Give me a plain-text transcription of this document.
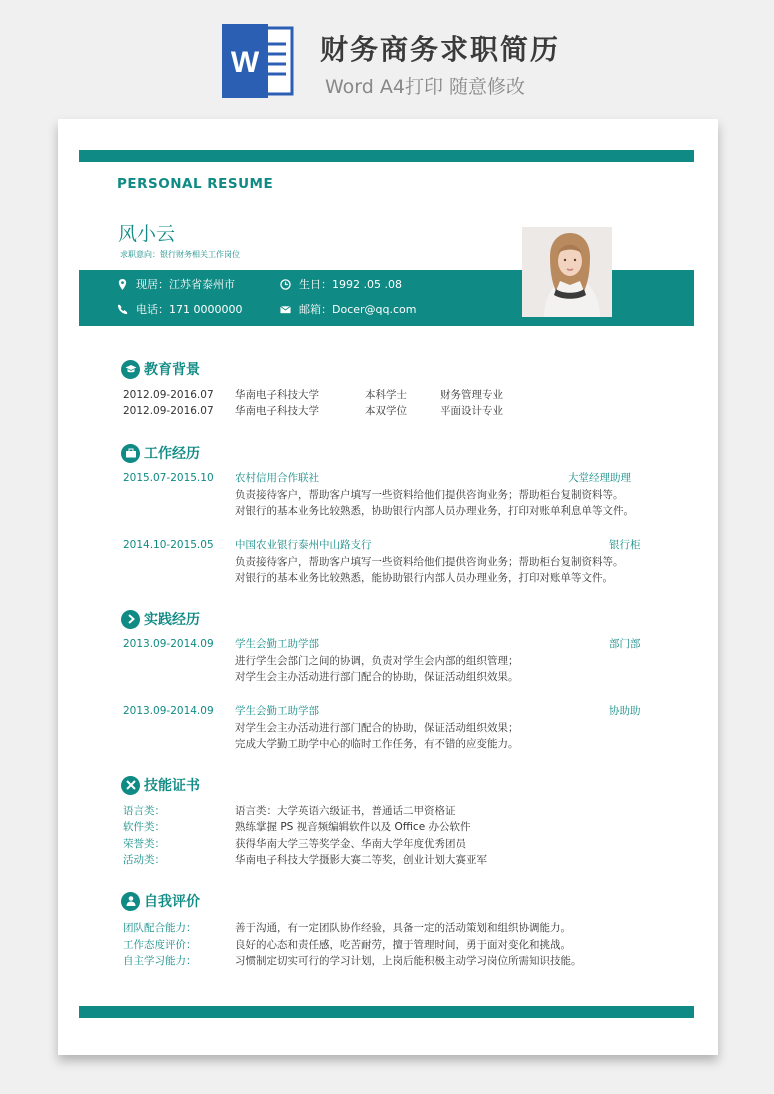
W 财务商务求职简历
Word A4打印 随意修改
PERSONAL RESUME
风小云
求职意向：银行财务相关工作岗位
现居：江苏省泰州市	生日：1992 .05 .08
电话：171 0000000	邮箱：Docer@qq.com
教育背景
2012.09-2016.07 华南电子科技大学	本科学士	财务管理专业
2012.09-2016.07 华南电子科技大学	本双学位	平面设计专业
工作经历
2015.07-2015.10 农村信用合作联社	大堂经理助理
负责接待客户，帮助客户填写一些资料给他们提供咨询业务；帮助柜台复制资料等。
对银行的基本业务比较熟悉，协助银行内部人员办理业务，打印对账单利息单等文件。
2014.10-2015.05 中国农业银行泰州中山路支行	银行柜
负责接待客户，帮助客户填写一些资料给他们提供咨询业务；帮助柜台复制资料等。
对银行的基本业务比较熟悉，能协助银行内部人员办理业务，打印对账单等文件。
实践经历
2013.09-2014.09 学生会勤工助学部	部门部
进行学生会部门之间的协调，负责对学生会内部的组织管理；
对学生会主办活动进行部门配合的协助，保证活动组织效果。
2013.09-2014.09 学生会勤工助学部	协助助
对学生会主办活动进行部门配合的协助，保证活动组织效果；
完成大学勤工助学中心的临时工作任务，有不错的应变能力。
技能证书
语言类：	语言类：大学英语六级证书，普通话二甲资格证
软件类：	熟练掌握 PS 视音频编辑软件以及 Office 办公软件
荣誉类：	获得华南大学三等奖学金、华南大学年度优秀团员
活动类：	华南电子科技大学摄影大赛二等奖，创业计划大赛亚军
自我评价
团队配合能力：	善于沟通，有一定团队协作经验，具备一定的活动策划和组织协调能力。
工作态度评价：	良好的心态和责任感，吃苦耐劳，擅于管理时间，勇于面对变化和挑战。
自主学习能力：	习惯制定切实可行的学习计划，上岗后能积极主动学习岗位所需知识技能。
